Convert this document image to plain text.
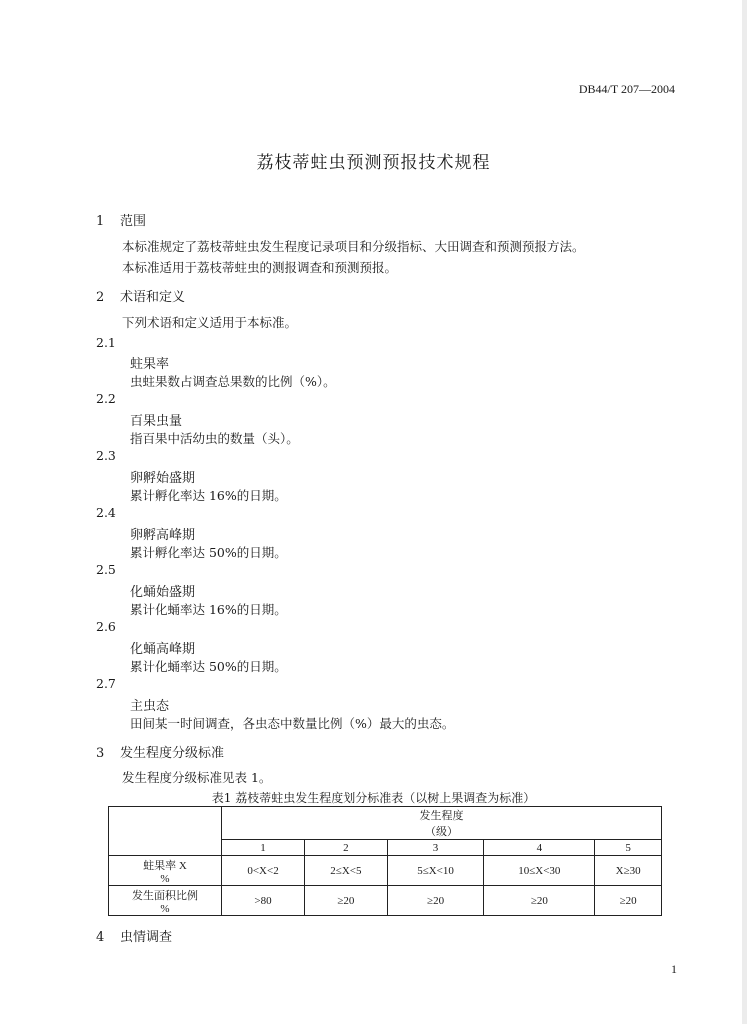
DB44/T 207—2004
荔枝蒂蛀虫预测预报技术规程
1 范围
本标准规定了荔枝蒂蛀虫发生程度记录项目和分级指标、大田调查和预测预报方法。
本标准适用于荔枝蒂蛀虫的测报调查和预测预报。
2 术语和定义
下列术语和定义适用于本标准。
2.1
蛀果率
虫蛀果数占调查总果数的比例（%）。
2.2
百果虫量
指百果中活幼虫的数量（头）。
2.3
卵孵始盛期
累计孵化率达 16%的日期。
2.4
卵孵高峰期
累计孵化率达 50%的日期。
2.5
化蛹始盛期
累计化蛹率达 16%的日期。
2.6
化蛹高峰期
累计化蛹率达 50%的日期。
2.7
主虫态
田间某一时间调查，各虫态中数量比例（%）最大的虫态。
3 发生程度分级标准
发生程度分级标准见表 1。
表1 荔枝蒂蛀虫发生程度划分标准表（以树上果调查为标准）

	发生程度
（级）				

	1	2	3	4	5

蛀果率 X
%	0<X<2	2≤X<5	5≤X<10	10≤X<30	X≥30

发生面积比例
%	>80	≥20	≥20	≥20	≥20
4 虫情调查
1
